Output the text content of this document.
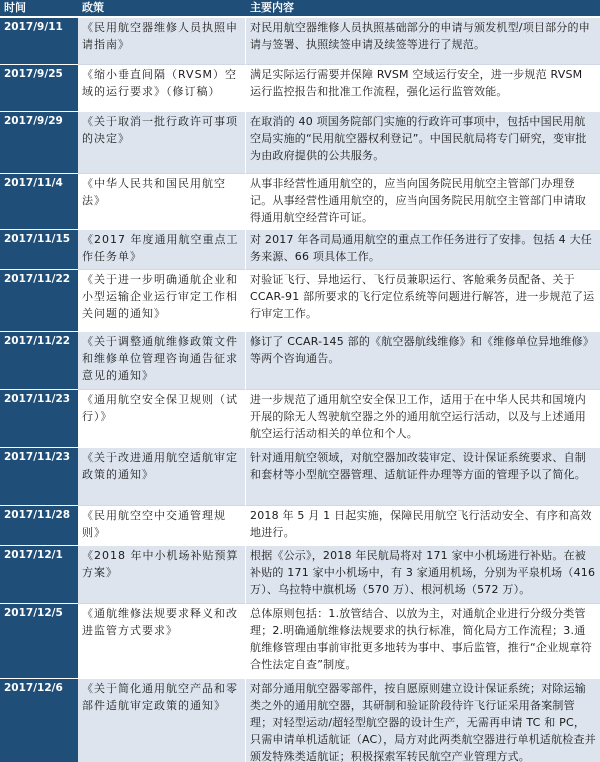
时间	政策	主要内容
2017/9/11	《民用航空器维修人员执照申请指南》	对民用航空器维修人员执照基础部分的申请与颁发机型/项目部分的申请与签署、执照续签申请及续签等进行了规范。
2017/9/25	《缩小垂直间隔（RVSM）空域的运行要求》（修订稿）	满足实际运行需要并保障 RVSM 空域运行安全，进一步规范 RVSM 运行监控报告和批准工作流程，强化运行监管效能。
2017/9/29	《关于取消一批行政许可事项的决定》	在取消的 40 项国务院部门实施的行政许可事项中，包括中国民用航空局实施的“民用航空器权利登记”。中国民航局将专门研究，变审批为由政府提供的公共服务。
2017/11/4	《中华人民共和国民用航空法》	从事非经营性通用航空的，应当向国务院民用航空主管部门办理登记。从事经营性通用航空的，应当向国务院民用航空主管部门申请取得通用航空经营许可证。
2017/11/15	《2017 年度通用航空重点工作任务单》	对 2017 年各司局通用航空的重点工作任务进行了安排。包括 4 大任务来源、66 项具体工作。
2017/11/22	《关于进一步明确通航企业和小型运输企业运行审定工作相关问题的通知》	对验证飞行、异地运行、飞行员兼职运行、客舱乘务员配备、关于 CCAR-91 部所要求的飞行定位系统等问题进行解答，进一步规范了运行审定工作。
2017/11/22	《关于调整通航维修政策文件和维修单位管理咨询通告征求意见的通知》	修订了 CCAR-145 部的《航空器航线维修》和《维修单位异地维修》等两个咨询通告。
2017/11/23	《通用航空安全保卫规则（试行）》	进一步规范了通用航空安全保卫工作，适用于在中华人民共和国境内开展的除无人驾驶航空器之外的通用航空运行活动，以及与上述通用航空运行活动相关的单位和个人。
2017/11/23	《关于改进通用航空适航审定政策的通知》	针对通用航空领域，对航空器加改装审定、设计保证系统要求、自制和套材等小型航空器管理、适航证件办理等方面的管理予以了简化。
2017/11/28	《民用航空空中交通管理规则》	2018 年 5 月 1 日起实施，保障民用航空飞行活动安全、有序和高效地进行。
2017/12/1	《2018 年中小机场补贴预算方案》	根据《公示》，2018 年民航局将对 171 家中小机场进行补贴。在被补贴的 171 家中小机场中，有 3 家通用机场，分别为平泉机场（416 万）、乌拉特中旗机场（570 万）、根河机场（572 万）。
2017/12/5	《通航维修法规要求释义和改进监管方式要求》	总体原则包括：1.放管结合、以放为主，对通航企业进行分级分类管理；2.明确通航维修法规要求的执行标准，简化局方工作流程；3.通航维修管理由事前审批更多地转为事中、事后监管，推行“企业规章符合性法定自查”制度。
2017/12/6	《关于简化通用航空产品和零部件适航审定政策的通知》	对部分通用航空器零部件，按自愿原则建立设计保证系统；对除运输类之外的通用航空器，其研制和验证阶段待许飞行证采用备案制管理；对轻型运动/超轻型航空器的设计生产，无需再申请 TC 和 PC，只需申请单机适航证（AC），局方对此两类航空器进行单机适航检查并颁发特殊类适航证；积极探索军转民航空产业管理方式。
